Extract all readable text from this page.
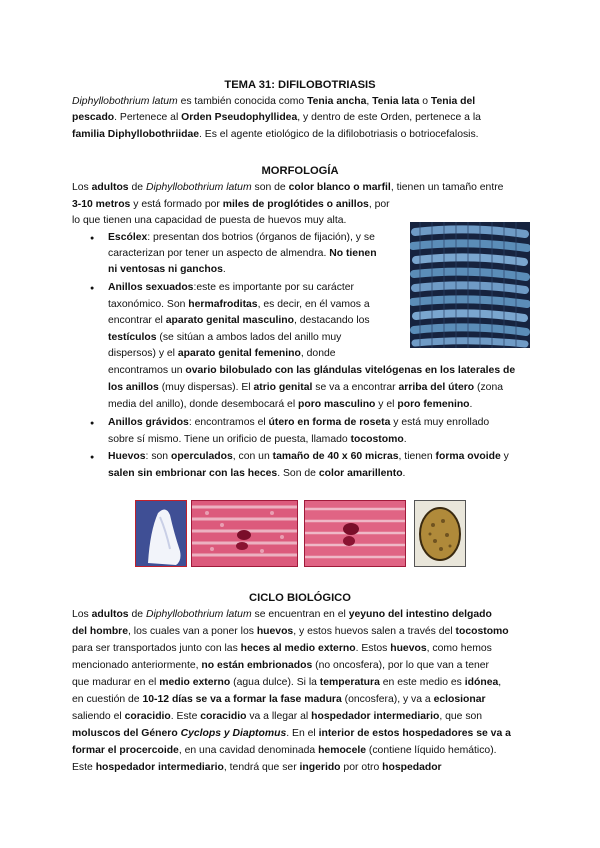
TEMA 31: DIFILOBOTRIASIS
Diphyllobothrium latum es también conocida como Tenia ancha, Tenia lata o Tenia del
pescado. Pertenece al Orden Pseudophyllidea, y dentro de este Orden, pertenece a la
familia Diphyllobothriidae. Es el agente etiológico de la difilobotriasis o botriocefalosis.
MORFOLOGÍA
Los adultos de Diphyllobothrium latum son de color blanco o marfil, tienen un tamaño entre
3-10 metros y está formado por miles de proglótides o anillos, por
lo que tienen una capacidad de puesta de huevos muy alta.
●
Escólex: presentan dos botrios (órganos de fijación), y se
caracterizan por tener un aspecto de almendra. No tienen
ni ventosas ni ganchos.
●
Anillos sexuados:este es importante por su carácter
taxonómico. Son hermafroditas, es decir, en él vamos a
encontrar el aparato genital masculino, destacando los
testículos (se sitúan a ambos lados del anillo muy
dispersos) y el aparato genital femenino, donde
encontramos un ovario bilobulado con las glándulas vitelógenas en los laterales de
los anillos (muy dispersas). El atrio genital se va a encontrar arriba del útero (zona
media del anillo), donde desembocará el poro masculino y el poro femenino.
●
Anillos grávidos: encontramos el útero en forma de roseta y está muy enrollado
sobre sí mismo. Tiene un orificio de puesta, llamado tocostomo.
●
Huevos: son operculados, con un tamaño de 40 x 60 micras, tienen forma ovoide y
salen sin embrionar con las heces. Son de color amarillento.
CICLO BIOLÓGICO
Los adultos de Diphyllobothrium latum se encuentran en el yeyuno del intestino delgado
del hombre, los cuales van a poner los huevos, y estos huevos salen a través del tocostomo
para ser transportados junto con las heces al medio externo. Estos huevos, como hemos
mencionado anteriormente, no están embrionados (no oncosfera), por lo que van a tener
que madurar en el medio externo (agua dulce). Si la temperatura en este medio es idónea,
en cuestión de 10-12 días se va a formar la fase madura (oncosfera), y va a eclosionar
saliendo el coracidio. Este coracidio va a llegar al hospedador intermediario, que son
moluscos del Género Cyclops y Diaptomus. En el interior de estos hospedadores se va a
formar el procercoide, en una cavidad denominada hemocele (contiene líquido hemático).
Este hospedador intermediario, tendrá que ser ingerido por otro hospedador
